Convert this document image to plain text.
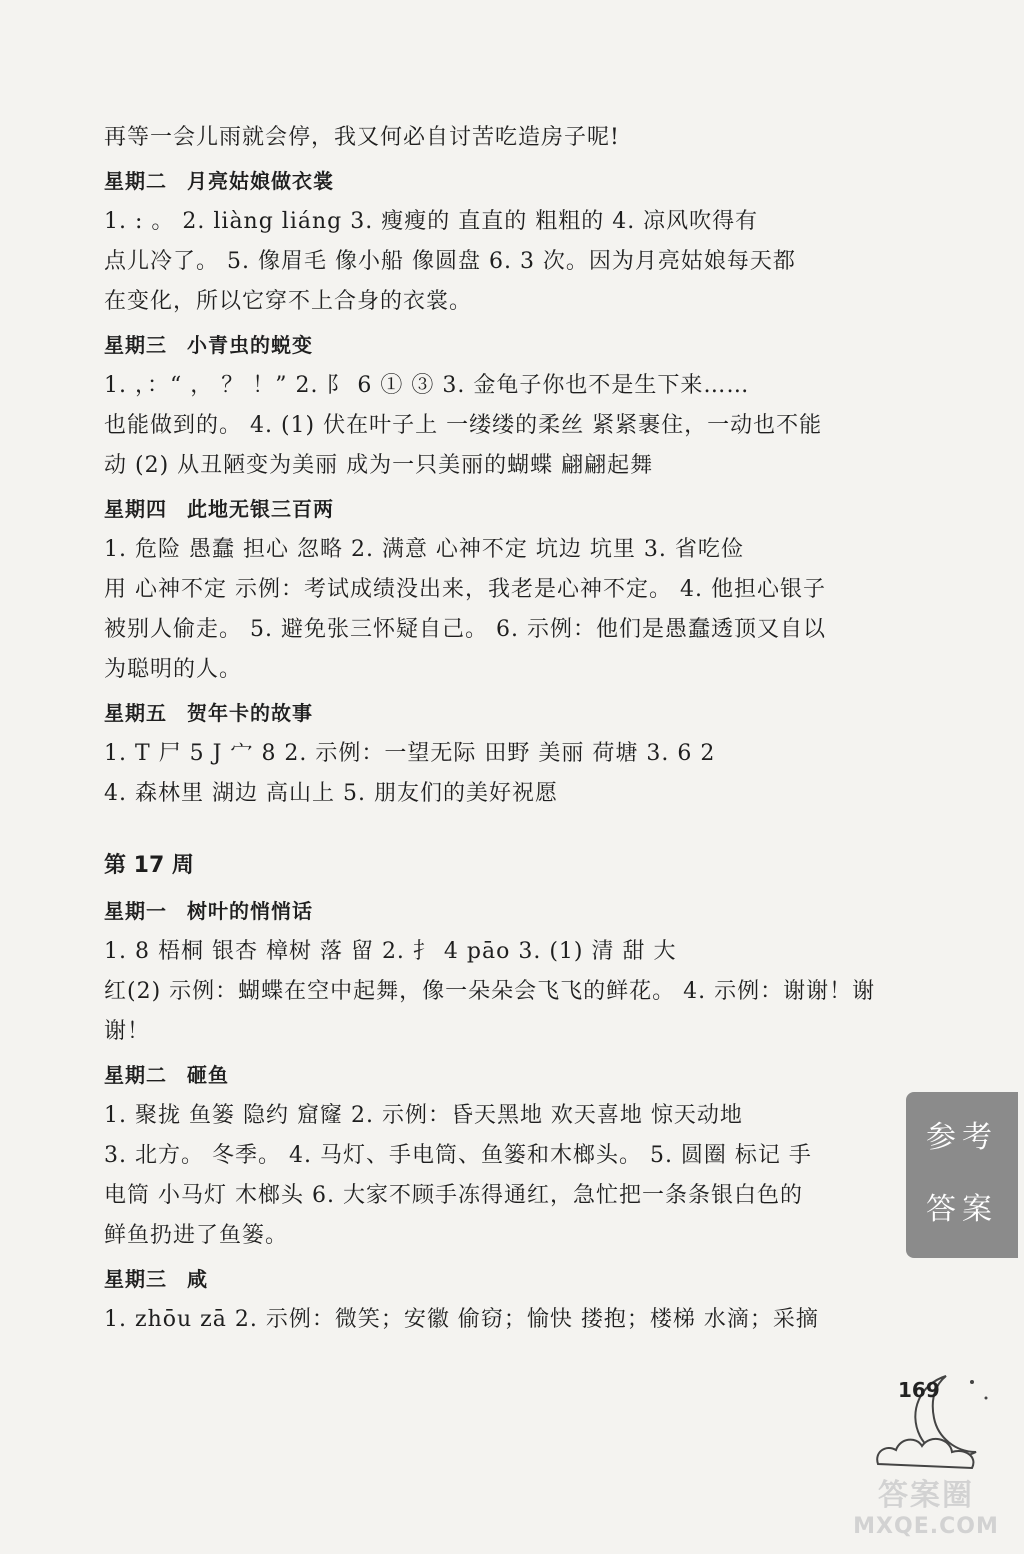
再等一会儿雨就会停，我又何必自讨苦吃造房子呢!
星期二 月亮姑娘做衣裳
1. : 。 2. liàng liáng 3. 瘦瘦的 直直的 粗粗的 4. 凉风吹得有
点儿冷了。 5. 像眉毛 像小船 像圆盘 6. 3 次。因为月亮姑娘每天都
在变化，所以它穿不上合身的衣裳。
星期三 小青虫的蜕变
1. ，：“ ， ？ ！” 2. 阝 6 ① ③ 3. 金龟子你也不是生下来……
也能做到的。 4. (1) 伏在叶子上 一缕缕的柔丝 紧紧裹住，一动也不能
动 (2) 从丑陋变为美丽 成为一只美丽的蝴蝶 翩翩起舞
星期四 此地无银三百两
1. 危险 愚蠢 担心 忽略 2. 满意 心神不定 坑边 坑里 3. 省吃俭
用 心神不定 示例：考试成绩没出来，我老是心神不定。 4. 他担心银子
被别人偷走。 5. 避免张三怀疑自己。 6. 示例：他们是愚蠢透顶又自以
为聪明的人。
星期五 贺年卡的故事
1. T 尸 5 J 宀 8 2. 示例：一望无际 田野 美丽 荷塘 3. 6 2
4. 森林里 湖边 高山上 5. 朋友们的美好祝愿
第 17 周
星期一 树叶的悄悄话
1. 8 梧桐 银杏 樟树 落 留 2. 扌 4 pāo 3. (1) 清 甜 大
红(2) 示例：蝴蝶在空中起舞，像一朵朵会飞飞的鲜花。 4. 示例：谢谢！谢
谢！
星期二 砸鱼
1. 聚拢 鱼篓 隐约 窟窿 2. 示例：昏天黑地 欢天喜地 惊天动地
3. 北方。 冬季。 4. 马灯、手电筒、鱼篓和木榔头。 5. 圆圈 标记 手
电筒 小马灯 木榔头 6. 大家不顾手冻得通红，急忙把一条条银白色的
鲜鱼扔进了鱼篓。
星期三 咸
1. zhōu zā 2. 示例：微笑；安徽 偷窃；愉快 搂抱；楼梯 水滴；采摘
参考答案
169
答案圈
MXQE.COM
